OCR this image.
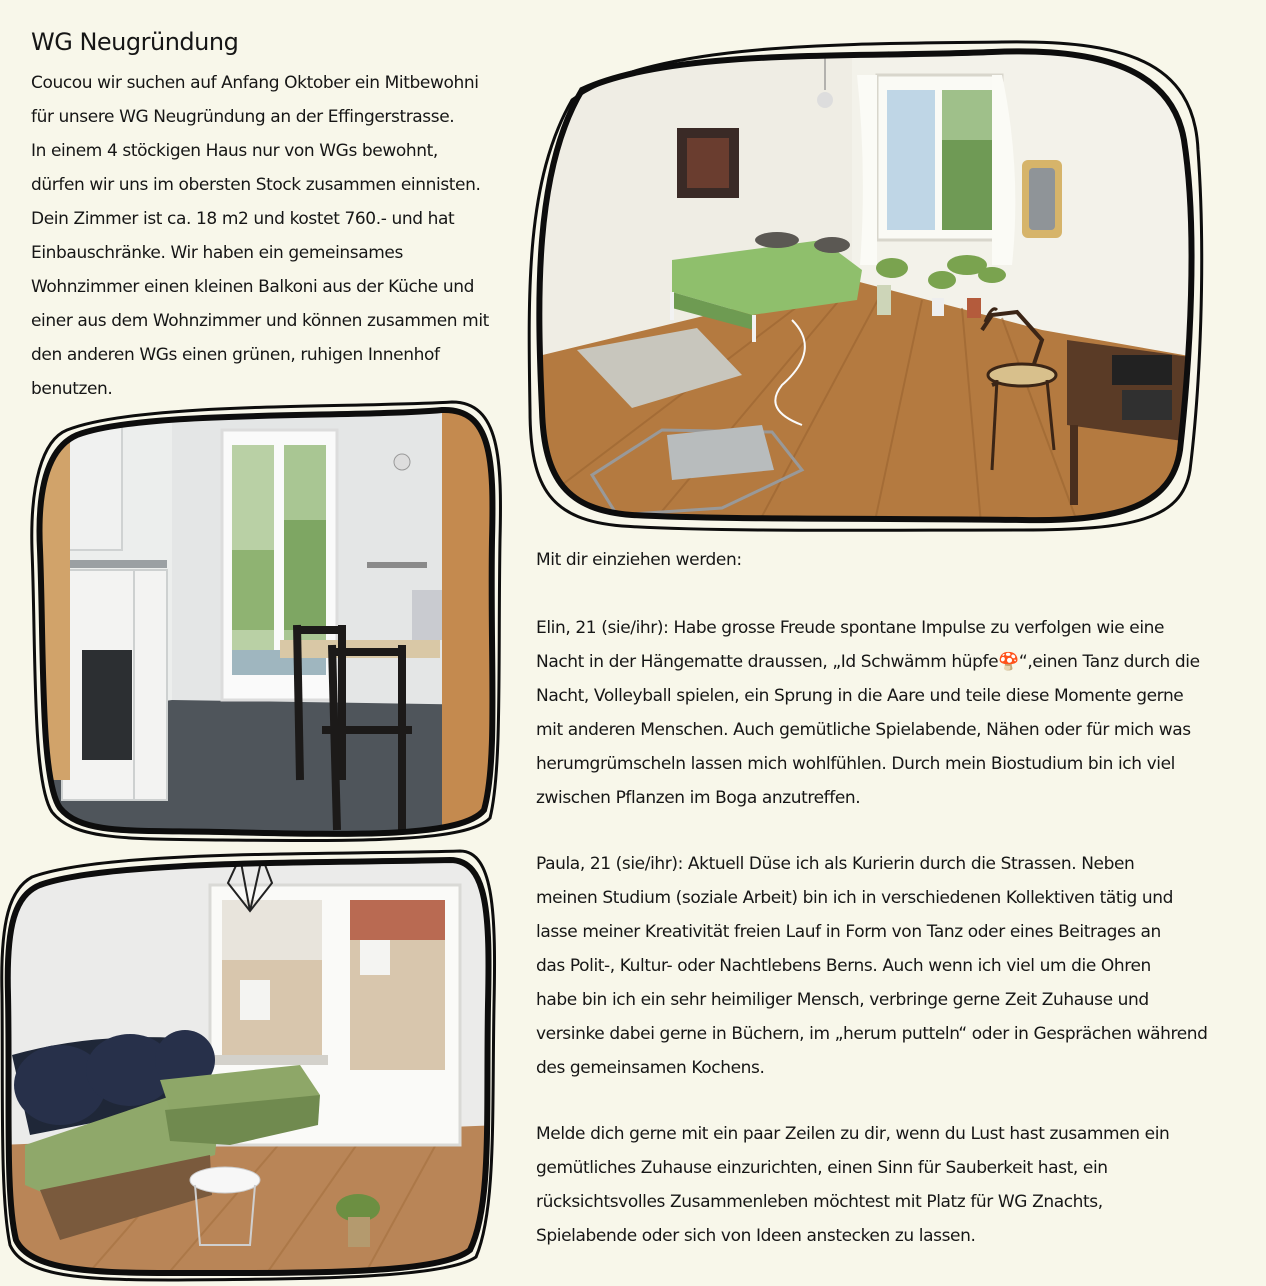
WG Neugründung
Coucou wir suchen auf Anfang Oktober ein Mitbewohni
für unsere WG Neugründung an der Effingerstrasse.
In einem 4 stöckigen Haus nur von WGs bewohnt,
dürfen wir uns im obersten Stock zusammen einnisten.
Dein Zimmer ist ca. 18 m2 und kostet 760.- und hat
Einbauschränke. Wir haben ein gemeinsames
Wohnzimmer einen kleinen Balkoni aus der Küche und
einer aus dem Wohnzimmer und können zusammen mit
den anderen WGs einen grünen, ruhigen Innenhof
benutzen.
Mit dir einziehen werden:
Elin, 21 (sie/ihr): Habe grosse Freude spontane Impulse zu verfolgen wie eine
Nacht in der Hängematte draussen, „Id Schwämm hüpfe🍄“,einen Tanz durch die
Nacht, Volleyball spielen, ein Sprung in die Aare und teile diese Momente gerne
mit anderen Menschen. Auch gemütliche Spielabende, Nähen oder für mich was
herumgrümscheln lassen mich wohlfühlen. Durch mein Biostudium bin ich viel
zwischen Pflanzen im Boga anzutreffen.
Paula, 21 (sie/ihr): Aktuell Düse ich als Kurierin durch die Strassen. Neben
meinen Studium (soziale Arbeit) bin ich in verschiedenen Kollektiven tätig und
lasse meiner Kreativität freien Lauf in Form von Tanz oder eines Beitrages an
das Polit-, Kultur- oder Nachtlebens Berns. Auch wenn ich viel um die Ohren
habe bin ich ein sehr heimiliger Mensch, verbringe gerne Zeit Zuhause und
versinke dabei gerne in Büchern, im „herum putteln“ oder in Gesprächen während
des gemeinsamen Kochens.
Melde dich gerne mit ein paar Zeilen zu dir, wenn du Lust hast zusammen ein
gemütliches Zuhause einzurichten, einen Sinn für Sauberkeit hast, ein
rücksichtsvolles Zusammenleben möchtest mit Platz für WG Znachts,
Spielabende oder sich von Ideen anstecken zu lassen.
